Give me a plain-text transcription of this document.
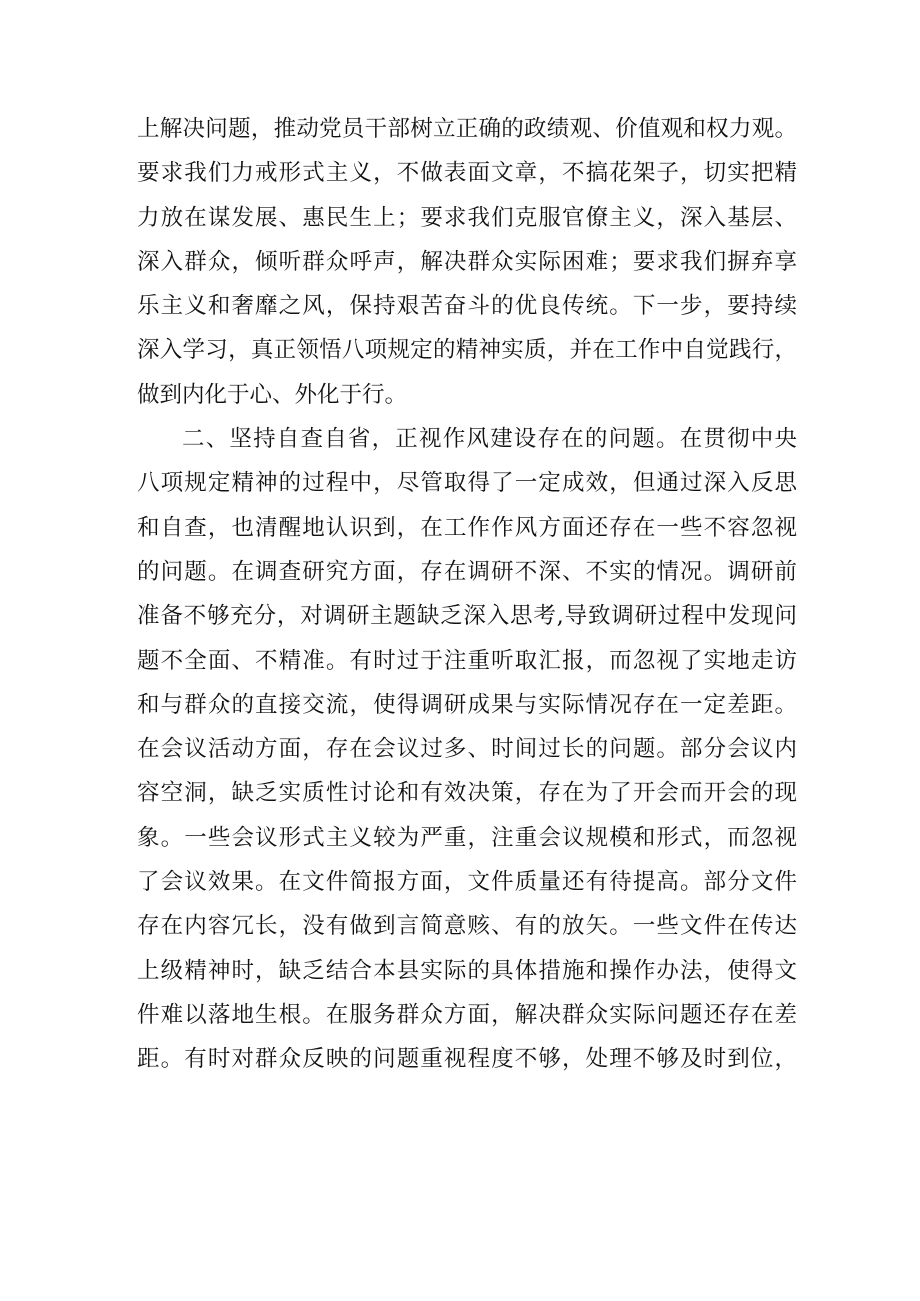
上解决问题，推动党员干部树立正确的政绩观、价值观和权力观。
要求我们力戒形式主义，不做表面文章，不搞花架子，切实把精
力放在谋发展、惠民生上；要求我们克服官僚主义，深入基层、
深入群众，倾听群众呼声，解决群众实际困难；要求我们摒弃享
乐主义和奢靡之风，保持艰苦奋斗的优良传统。下一步，要持续
深入学习，真正领悟八项规定的精神实质，并在工作中自觉践行，
做到内化于心、外化于行。
二、坚持自查自省，正视作风建设存在的问题。在贯彻中央
八项规定精神的过程中，尽管取得了一定成效，但通过深入反思
和自查，也清醒地认识到，在工作作风方面还存在一些不容忽视
的问题。在调查研究方面，存在调研不深、不实的情况。调研前
准备不够充分，对调研主题缺乏深入思考,导致调研过程中发现问
题不全面、不精准。有时过于注重听取汇报，而忽视了实地走访
和与群众的直接交流，使得调研成果与实际情况存在一定差距。
在会议活动方面，存在会议过多、时间过长的问题。部分会议内
容空洞，缺乏实质性讨论和有效决策，存在为了开会而开会的现
象。一些会议形式主义较为严重，注重会议规模和形式，而忽视
了会议效果。在文件简报方面，文件质量还有待提高。部分文件
存在内容冗长，没有做到言简意赅、有的放矢。一些文件在传达
上级精神时，缺乏结合本县实际的具体措施和操作办法，使得文
件难以落地生根。在服务群众方面，解决群众实际问题还存在差
距。有时对群众反映的问题重视程度不够，处理不够及时到位，
